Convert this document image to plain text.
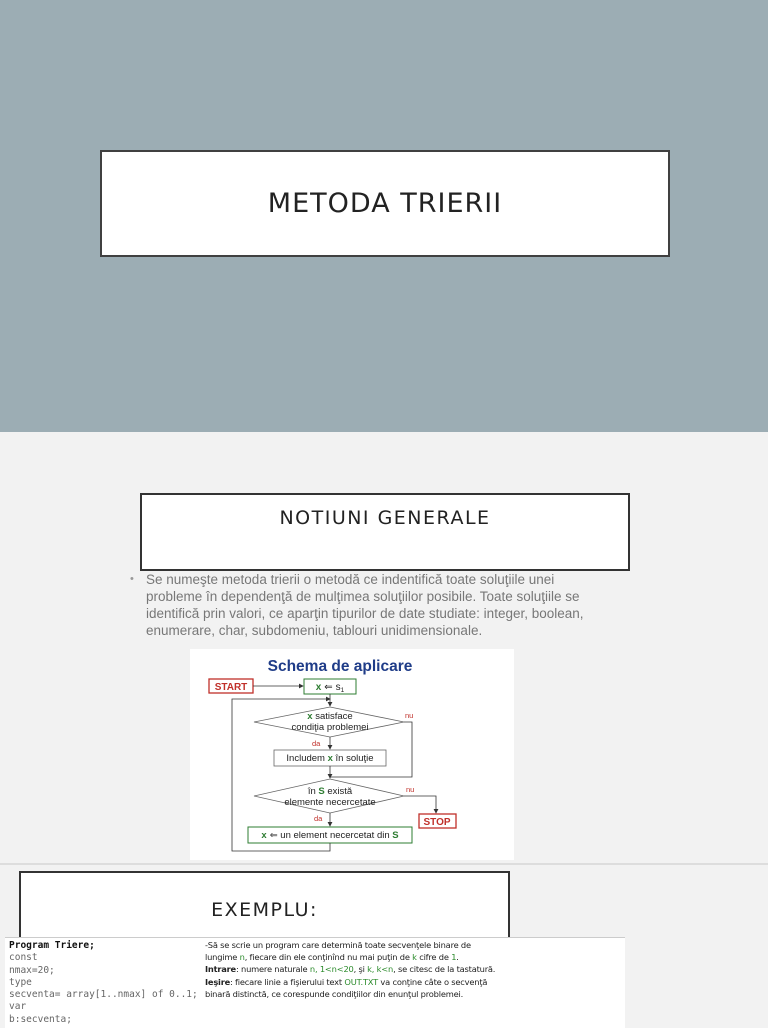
METODA TRIERII
NOTIUNI GENERALE
• Se numeşte metoda trierii o metodă ce indentifică toate soluţiile unei probleme în dependenţă de mulţimea soluţiilor posibile. Toate soluţiile se identifică prin valori, ce aparţin tipurilor de date studiate: integer, boolean, enumerare, char, subdomeniu, tablouri unidimensionale.
Schema de aplicare
START	x ⇐ $s_1$
x satisface
condiţia problemei
nu
da
Includem x în soluţie
în S există
elemente necercetate
nu
da	STOP
x ⇐ un element necercetat din S
EXEMPLU:
Program Triere;
const
nmax=20;
type
secventa= array[1..nmax] of 0..1;
var
b:secventa;
-Să se scrie un program care determină toate secvenţele binare de lungime n, fiecare din ele conţinînd nu mai puţin de k cifre de 1.
Intrare: numere naturale n, 1<n<20, şi k, k<n, se citesc de la tastatură.
Ieşire: fiecare linie a fişierului text OUT.TXT va conţine câte o secvenţă binară distinctă, ce corespunde condiţiilor din enunţul problemei.
